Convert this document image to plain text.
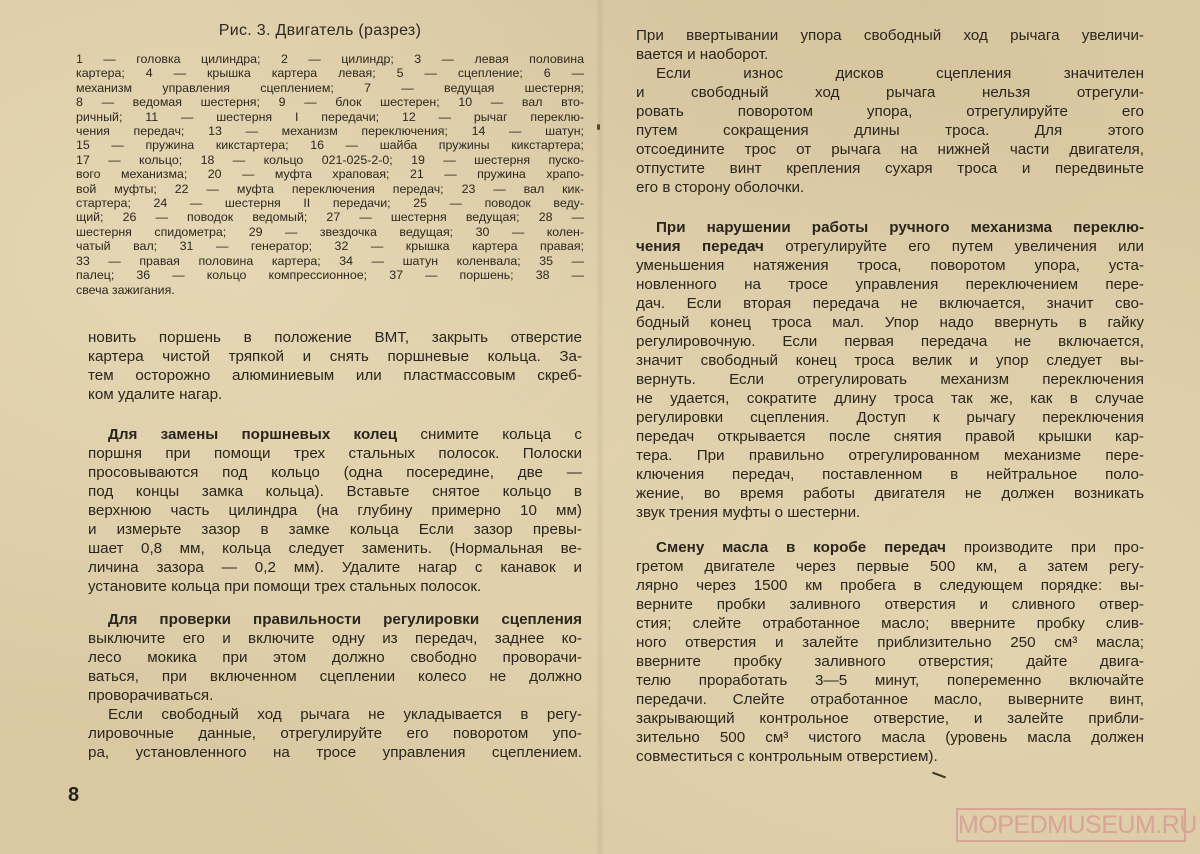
Рис. 3. Двигатель (разрез)
1 — головка цилиндра; 2 — цилиндр; 3 — левая половина
картера; 4 — крышка картера левая; 5 — сцепление; 6 —
механизм управления сцеплением; 7 — ведущая шестерня;
8 — ведомая шестерня; 9 — блок шестерен; 10 — вал вто-
ричный; 11 — шестерня I передачи; 12 — рычаг переклю-
чения передач; 13 — механизм переключения; 14 — шатун;
15 — пружина кикстартера; 16 — шайба пружины кикстартера;
17 — кольцо; 18 — кольцо 021-025-2-0; 19 — шестерня пуско-
вого механизма; 20 — муфта храповая; 21 — пружина храпо-
вой муфты; 22 — муфта переключения передач; 23 — вал кик-
стартера; 24 — шестерня II передачи; 25 — поводок веду-
щий; 26 — поводок ведомый; 27 — шестерня ведущая; 28 —
шестерня спидометра; 29 — звездочка ведущая; 30 — колен-
чатый вал; 31 — генератор; 32 — крышка картера правая;
33 — правая половина картера; 34 — шатун коленвала; 35 —
палец; 36 — кольцо компрессионное; 37 — поршень; 38 —
свеча зажигания.
новить поршень в положение ВМТ, закрыть отверстие
картера чистой тряпкой и снять поршневые кольца. За-
тем осторожно алюминиевым или пластмассовым скреб-
ком удалите нагар.
Для замены поршневых колец снимите кольца с
поршня при помощи трех стальных полосок. Полоски
просовываются под кольцо (одна посередине, две —
под концы замка кольца). Вставьте снятое кольцо в
верхнюю часть цилиндра (на глубину примерно 10 мм)
и измерьте зазор в замке кольца Если зазор превы-
шает 0,8 мм, кольца следует заменить. (Нормальная ве-
личина зазора — 0,2 мм). Удалите нагар с канавок и
установите кольца при помощи трех стальных полосок.
Для проверки правильности регулировки сцепления
выключите его и включите одну из передач, заднее ко-
лесо мокика при этом должно свободно проворачи-
ваться, при включенном сцеплении колесо не должно
проворачиваться.
Если свободный ход рычага не укладывается в регу-
лировочные данные, отрегулируйте его поворотом упо-
ра, установленного на тросе управления сцеплением.
8
При ввертывании упора свободный ход рычага увеличи-
вается и наоборот.
Если износ дисков сцепления значителен
и свободный ход рычага нельзя отрегули-
ровать поворотом упора, отрегулируйте его
путем сокращения длины троса. Для этого
отсоедините трос от рычага на нижней части двигателя,
отпустите винт крепления сухаря троса и передвиньте
его в сторону оболочки.
При нарушении работы ручного механизма переклю-
чения передач отрегулируйте его путем увеличения или
уменьшения натяжения троса, поворотом упора, уста-
новленного на тросе управления переключением пере-
дач. Если вторая передача не включается, значит сво-
бодный конец троса мал. Упор надо ввернуть в гайку
регулировочную. Если первая передача не включается,
значит свободный конец троса велик и упор следует вы-
вернуть. Если отрегулировать механизм переключения
не удается, сократите длину троса так же, как в случае
регулировки сцепления. Доступ к рычагу переключения
передач открывается после снятия правой крышки кар-
тера. При правильно отрегулированном механизме пере-
ключения передач, поставленном в нейтральное поло-
жение, во время работы двигателя не должен возникать
звук трения муфты о шестерни.
Смену масла в коробе передач производите при про-
гретом двигателе через первые 500 км, а затем регу-
лярно через 1500 км пробега в следующем порядке: вы-
верните пробки заливного отверстия и сливного отвер-
стия; слейте отработанное масло; вверните пробку слив-
ного отверстия и залейте приблизительно 250 см³ масла;
вверните пробку заливного отверстия; дайте двига-
телю проработать 3—5 минут, попеременно включайте
передачи. Слейте отработанное масло, выверните винт,
закрывающий контрольное отверстие, и залейте прибли-
зительно 500 см³ чистого масла (уровень масла должен
совместиться с контрольным отверстием).
MOPEDMUSEUM.RU
